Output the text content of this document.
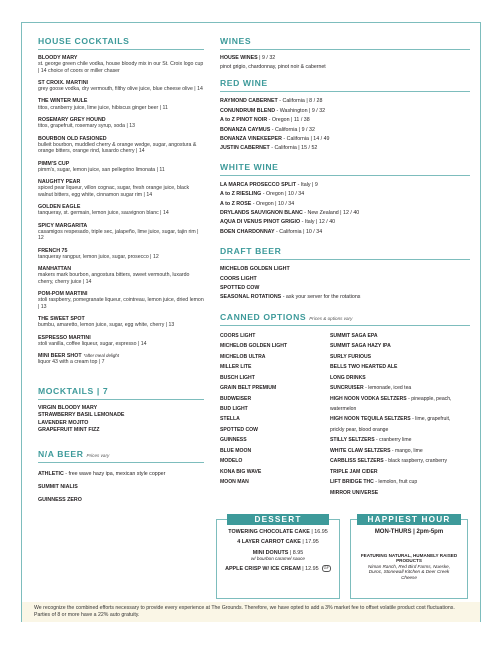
HOUSE COCKTAILS
BLOODY MARY
st. george green chile vodka, house bloody mix in our St. Croix logo cup | 14 choice of coors or miller chaser
ST CROIX. MARTINI
grey goose vodka, dry vermouth, filthy olive juice, blue cheese olive | 14
THE WINTER MULE
titos, cranberry juice, lime juice, hibiscus ginger beer | 11
ROSEMARY GREY HOUND
titos, grapefruit, rosemary syrup, soda | 13
BOURBON OLD FASIONED
bulleit bourbon, muddled cherry & orange wedge, sugar, angostura & orange bitters, orange rind, luxardo cherry | 14
PIMM'S CUP
pimm's, sugar, lemon juice, san pellegrino limonata | 11
NAUGHTY PEAR
spiced pear liqueur, villon cognac, sugar, fresh orange juice, black walnut bitters, egg white, cinnamon sugar rim | 14
GOLDEN EAGLE
tanqueray, st. germain, lemon juice, sauvignon blanc | 14
SPICY MARGARITA
casamigos respesado, triple sec, jalapeño, lime juice, sugar, tajin rim | 12
FRENCH 75
tanqueray rangpur, lemon juice, sugar, prosecco | 12
MANHATTAN
makers mark bourbon, angostura bitters, sweet vermouth, luxardo cherry, cherry juice | 14
POM-POM MARTINI
stoli raspberry, pomegranate liqueur, cointreau, lemon juice, dried lemon | 13
THE SWEET SPOT
bumbu, amaretto, lemon juice, sugar, egg white, cherry | 13
ESPRESSO MARTINI
stoli vanilla, coffee liqueur, sugar, espresso | 14
MINI BEER SHOT *after meal delight
liquor 43 with a cream top | 7
MOCKTAILS | 7
VIRGIN BLOODY MARY
STRAWBERRY BASIL LEMONADE
LAVENDER MOJITO
GRAPEFRUIT MINT FIZZ
N/A BEER Prices vary
ATHLETIC - free wave hazy ipa, mexican style copper
SUMMIT NIALIS
GUINNESS ZERO
WINES
HOUSE WINES | 9 / 32
pinot grigio, chardonnay, pinot noir & cabernet
RED WINE
RAYMOND CABERNET - California | 8 / 28
CONUNDRUM BLEND - Washington | 9 / 32
A to Z PINOT NOIR - Oregon | 11 / 38
BONANZA CAYMUS - California | 9 / 32
BONANZA VINEKEEPER - California | 14 / 49
JUSTIN CABERNET - California | 15 / 52
WHITE WINE
LA MARCA PROSECCO SPLIT - Italy | 9
A to Z RIESLING - Oregon | 10 / 34
A to Z ROSE - Oregon | 10 / 34
DRYLANDS SAUVIGNON BLANC - New Zealand | 12 / 40
AQUA DI VENUS PINOT GRIGIO - Italy | 12 / 40
BOEN CHARDONNAY - California | 10 / 34
DRAFT BEER
MICHELOB GOLDEN LIGHT
COORS LIGHT
SPOTTED COW
SEASONAL ROTATIONS - ask your server for the rotations
CANNED OPTIONS Prices & options vary
COORS LIGHT
MICHELOB GOLDEN LIGHT
MICHELOB ULTRA
MILLER LITE
BUSCH LIGHT
GRAIN BELT PREMIUM
BUDWEISER
BUD LIGHT
STELLA
SPOTTED COW
GUINNESS
BLUE MOON
MODELO
KONA BIG WAVE
MOON MAN
SUMMIT SAGA EPA
SUMMIT SAGA HAZY IPA
SURLY FURIOUS
BELLS TWO HEARTED ALE
LONG DRINKS
SUNCRUISER - lemonade, iced tea
HIGH NOON VODKA SELTZERS - pineapple, peach,
watermelon
HIGH NOON TEQUILA SELTZERS - lime, grapefruit,
prickly pear, blood orange
STILLY SELTZERS - cranberry lime
WHITE CLAW SELTZERS - mango, lime
CARBLISS SELTZERS - black raspberry, cranberry
TRIPLE JAM CIDER
LIFT BRIDGE THC - lemolon, fruit cup
MIRROR UNIVERSE
DESSERT
TOWERING CHOCOLATE CAKE | 16.95
4 LAYER CARROT CAKE | 17.95
MINI DONUTS | 8.95
w/ bourbon caramel sauce
APPLE CRISP W/ ICE CREAM | 12.95 GF
HAPPIEST HOUR
MON-THURS | 2pm-5pm
FEATURING NATURAL, HUMANELY RAISED PRODUCTS
Niman Ranch, Red Bird Farms, Nueske, Duroc, Stonewall Kitchen & Deer Creek Cheese
We recognize the combined efforts necessary to provide every experience at The Grounds. Therefore, we have opted to add a 3% market fee to offset volatile product cost fluctuations.
Parties of 8 or more have a 22% auto gratuity.
